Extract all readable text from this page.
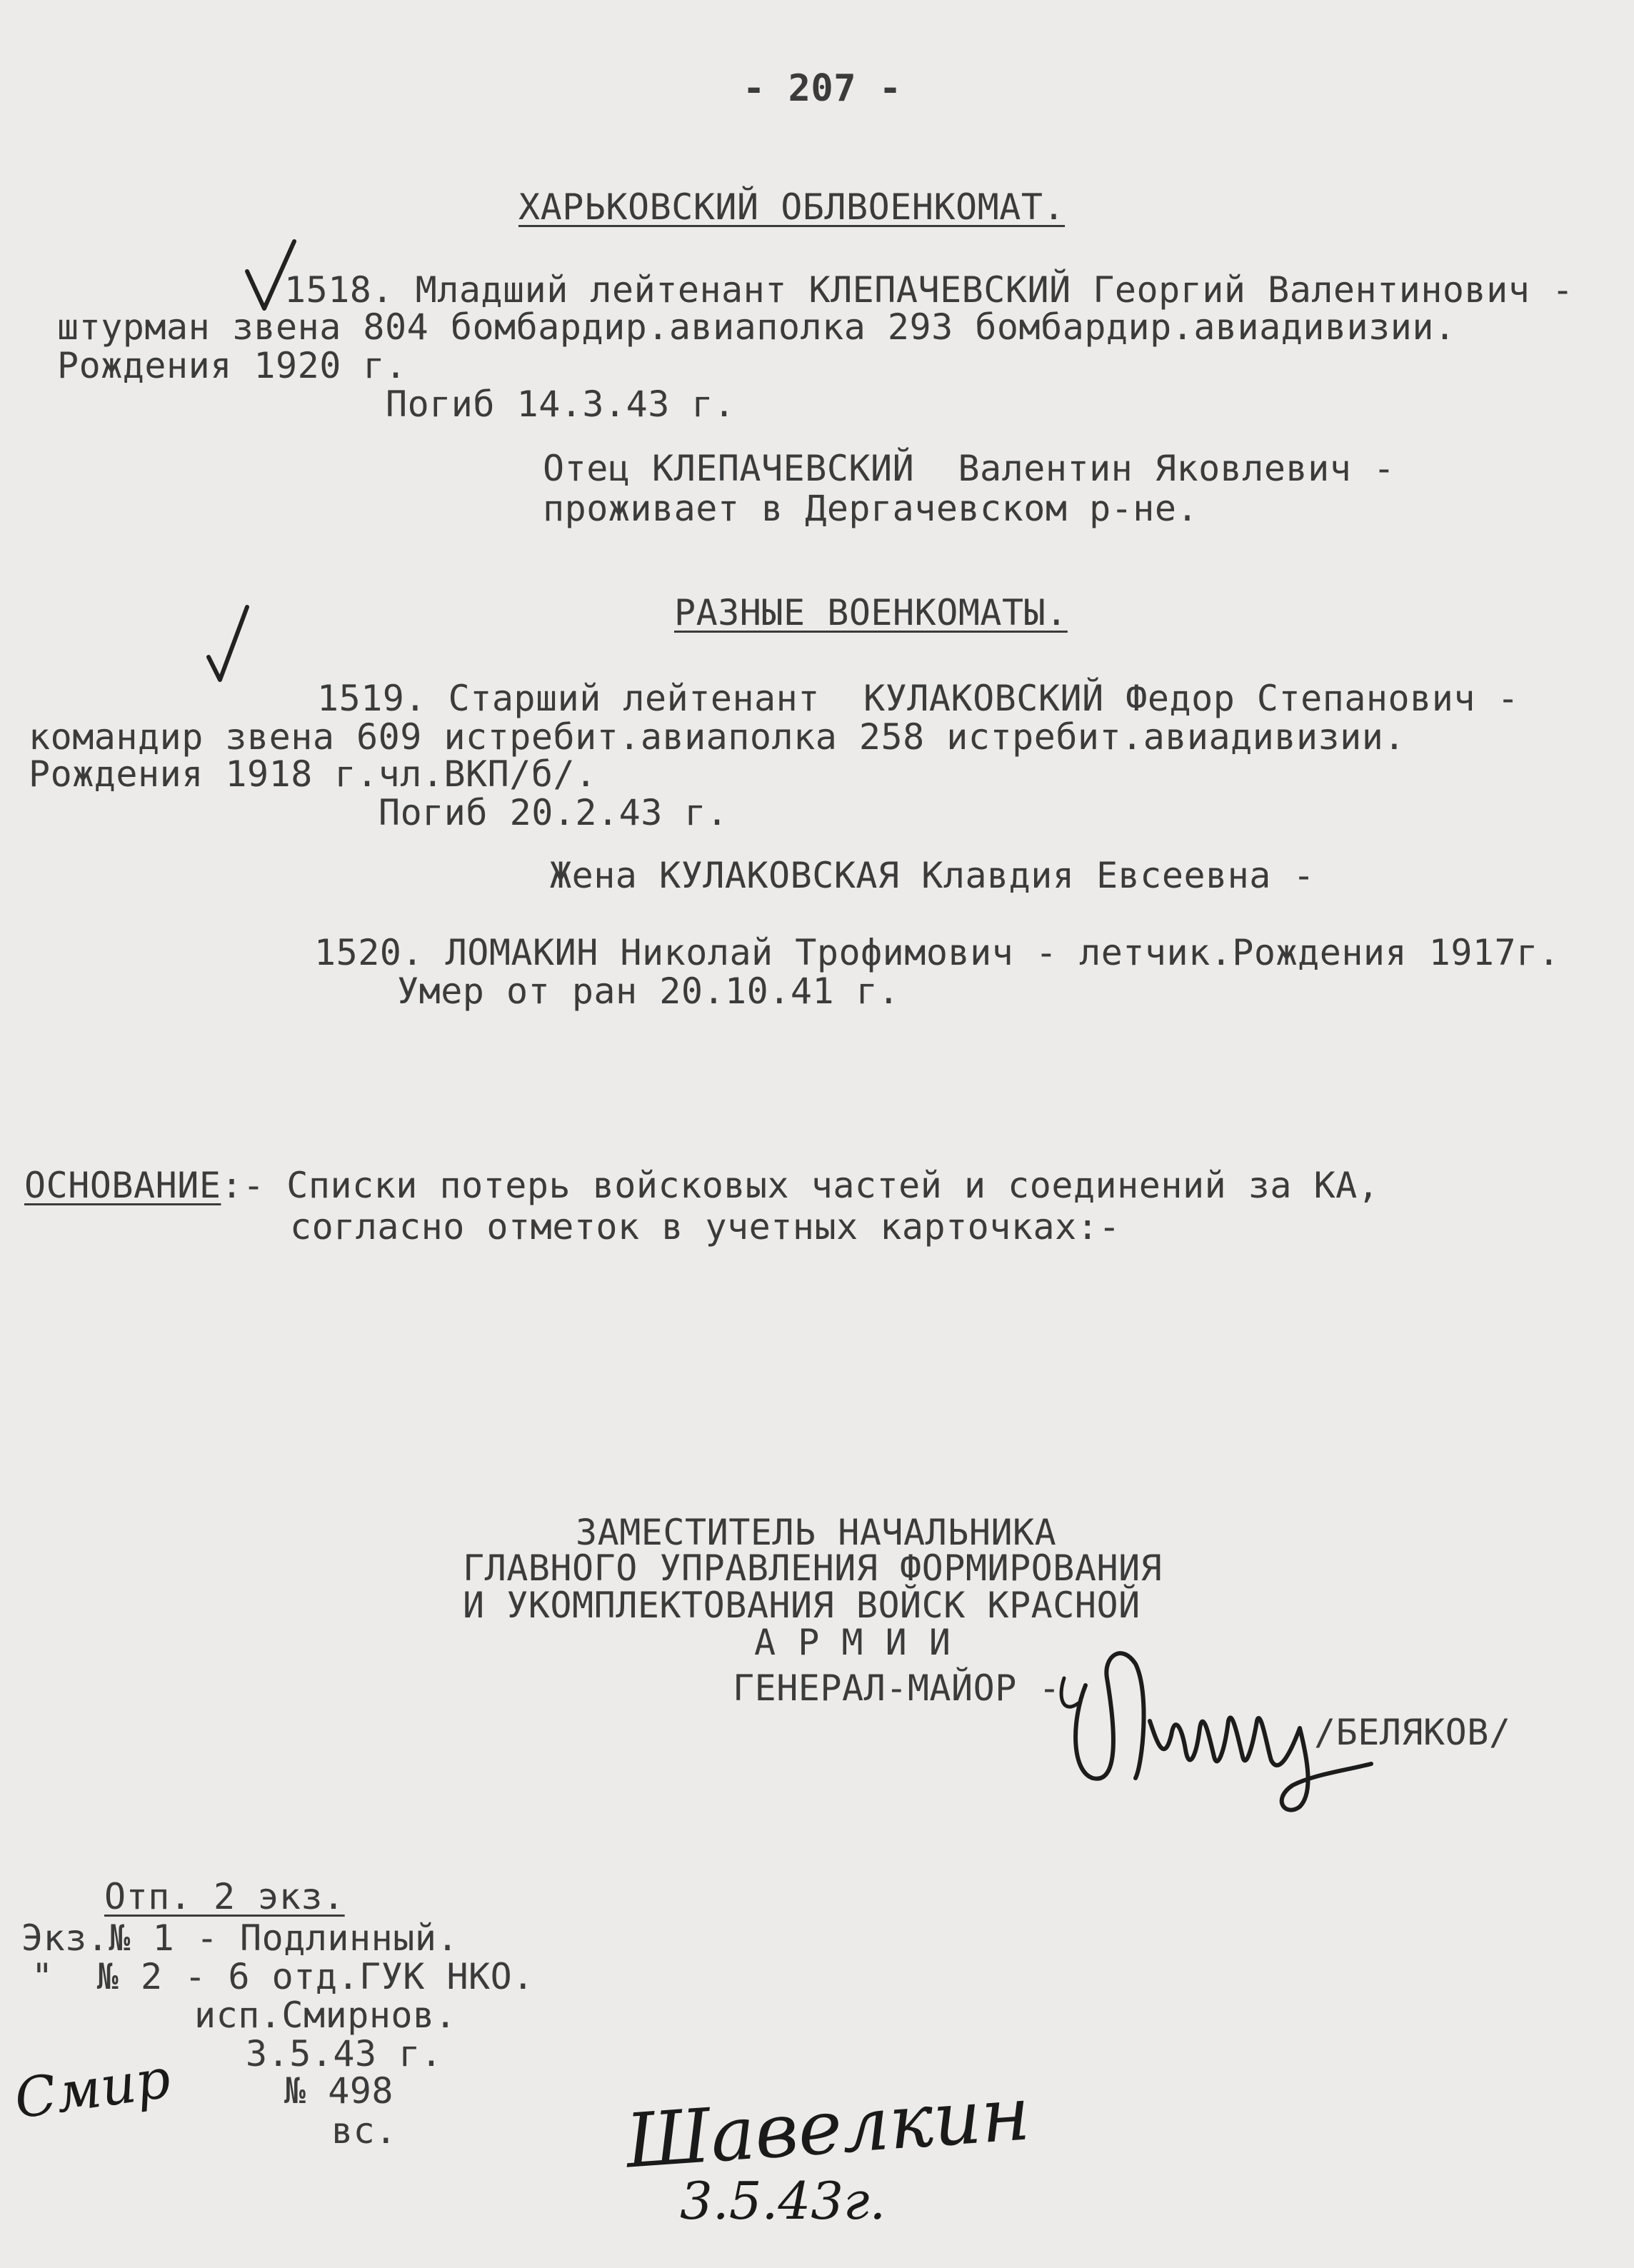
- 207 -
ХАРЬКОВСКИЙ ОБЛВОЕНКОМАТ.
1518. Младший лейтенант КЛЕПАЧЕВСКИЙ Георгий Валентинович -
штурман звена 804 бомбардир.авиаполка 293 бомбардир.авиадивизии.
Рождения 1920 г.
Погиб 14.3.43 г.
Отец КЛЕПАЧЕВСКИЙ  Валентин Яковлевич -
проживает в Дергачевском р-не.
РАЗНЫЕ ВОЕНКОМАТЫ.
1519. Старший лейтенант  КУЛАКОВСКИЙ Федор Степанович -
командир звена 609 истребит.авиаполка 258 истребит.авиадивизии.
Рождения 1918 г.чл.ВКП/б/.
Погиб 20.2.43 г.
Жена КУЛАКОВСКАЯ Клавдия Евсеевна -
1520. ЛОМАКИН Николай Трофимович - летчик.Рождения 1917г.
Умер от ран 20.10.41 г.
ОСНОВАНИЕ:- Списки потерь войсковых частей и соединений за КА,
согласно отметок в учетных карточках:-
ЗАМЕСТИТЕЛЬ НАЧАЛЬНИКА
ГЛАВНОГО УПРАВЛЕНИЯ ФОРМИРОВАНИЯ
И УКОМПЛЕКТОВАНИЯ ВОЙСК КРАСНОЙ
А Р М И И
ГЕНЕРАЛ-МАЙОР -
/БЕЛЯКОВ/
Отп. 2 экз.
Экз.№ 1 - Подлинный.
"  № 2 - 6 отд.ГУК НКО.
исп.Смирнов.
3.5.43 г.
№ 498
вс.
Смир	Шавелкин
3.5.43г.
